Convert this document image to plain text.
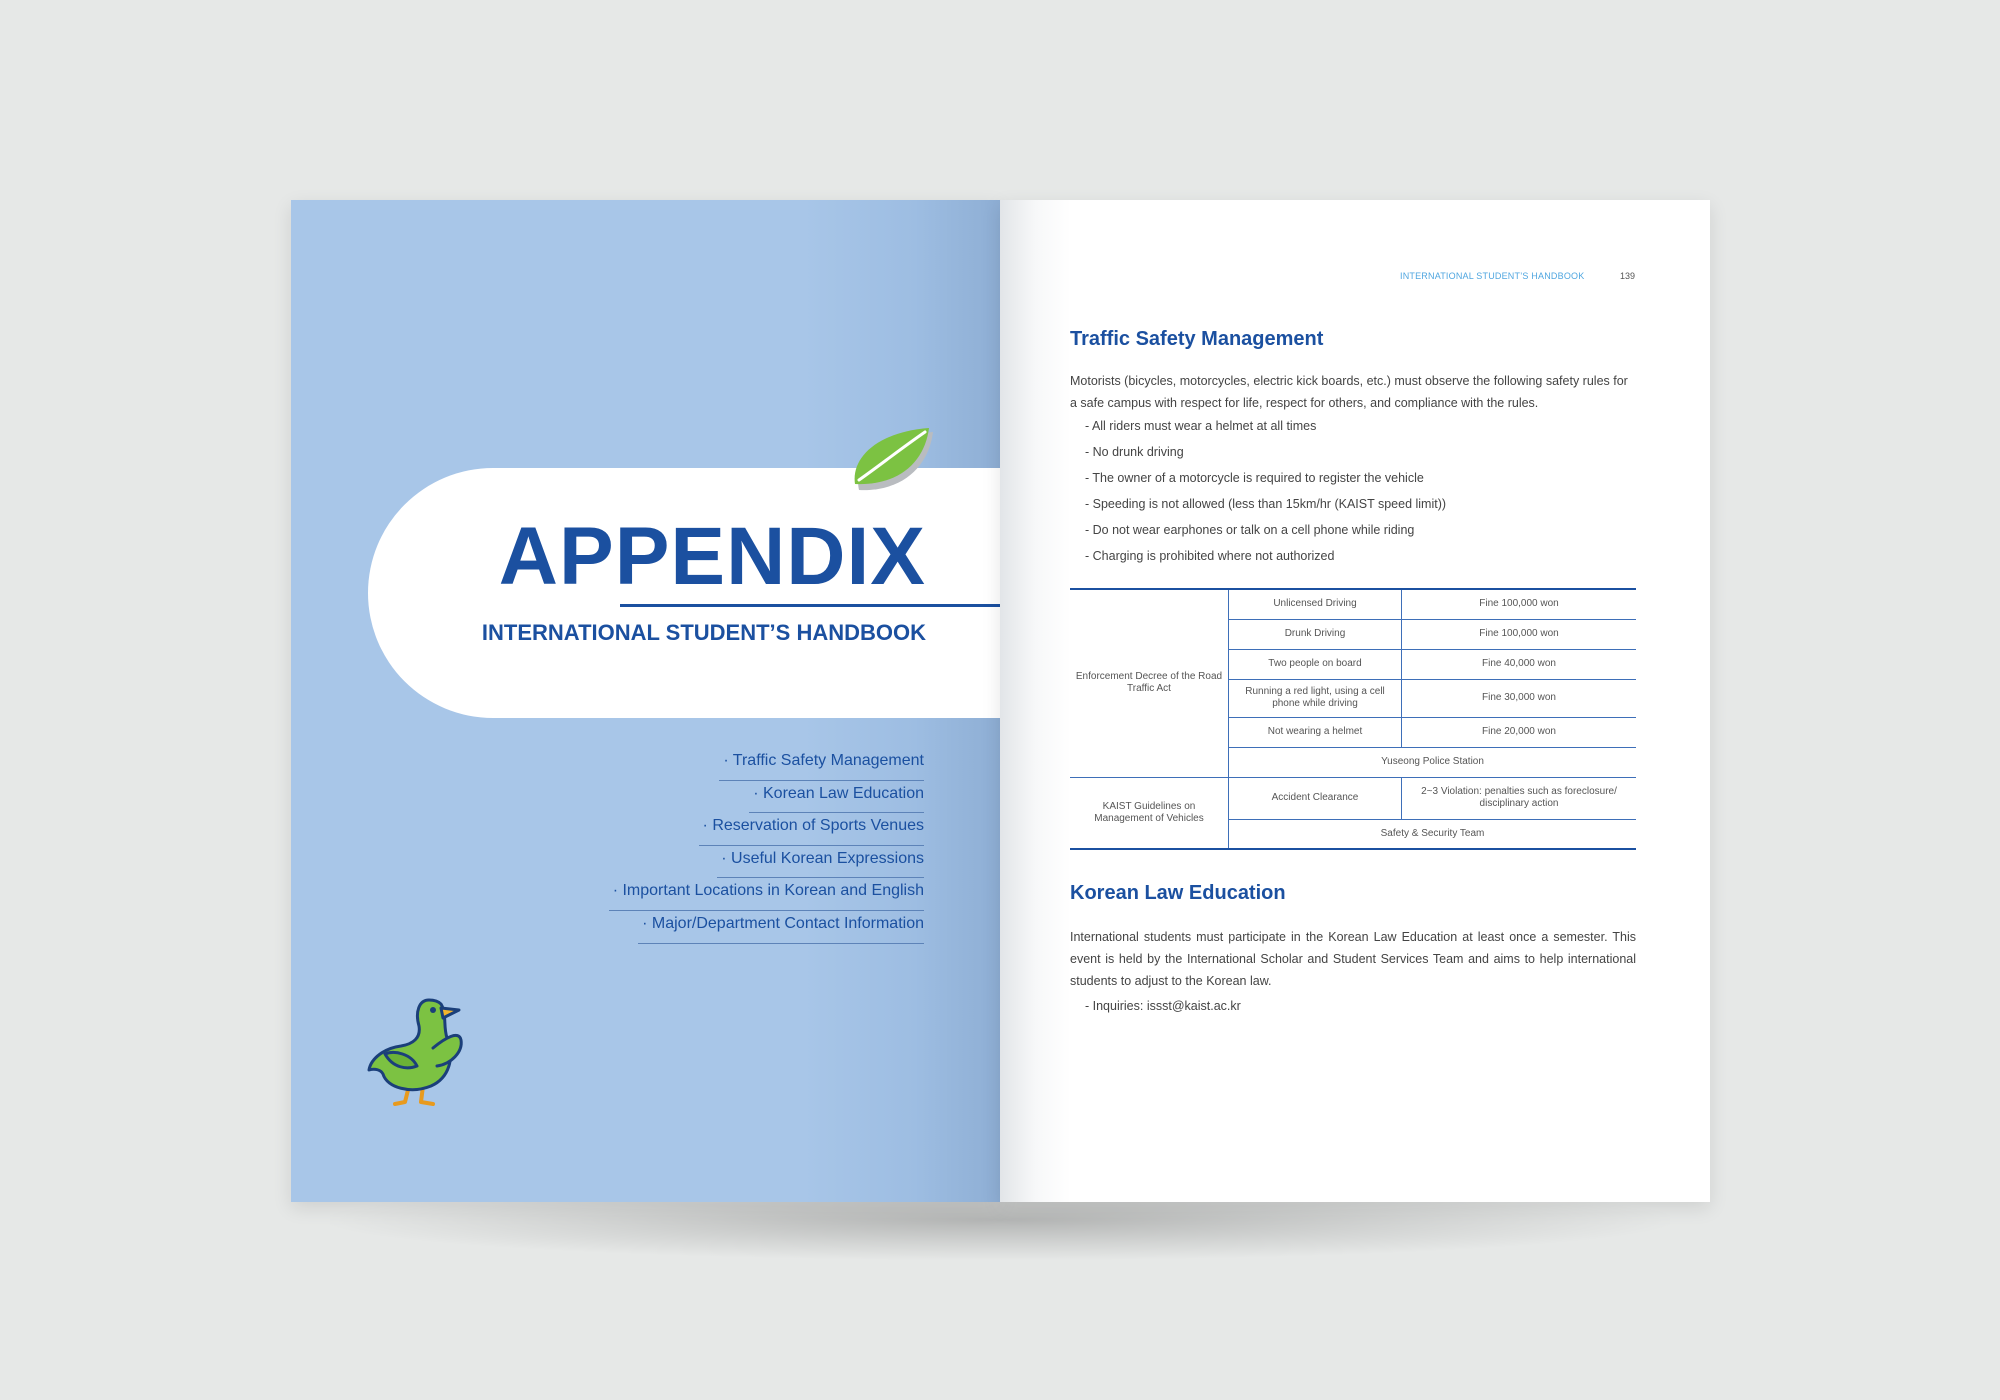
APPENDIX
INTERNATIONAL STUDENT’S HANDBOOK
· Traffic Safety Management
· Korean Law Education
· Reservation of Sports Venues
· Useful Korean Expressions
· Important Locations in Korean and English
· Major/Department Contact Information
INTERNATIONAL STUDENT’S HANDBOOK	139
Traffic Safety Management

Motorists (bicycles, motorcycles, electric kick boards, etc.) must observe the following safety rules for a safe campus with respect for life, respect for others, and compliance with the rules.

- All riders must wear a helmet at all times
- No drunk driving
- The owner of a motorcycle is required to register the vehicle
- Speeding is not allowed (less than 15km/hr (KAIST speed limit))
- Do not wear earphones or talk on a cell phone while riding
- Charging is prohibited where not authorized
Enforcement Decree of the Road Traffic Act	Unlicensed Driving	Fine 100,000 won
	Drunk Driving	Fine 100,000 won
	Two people on board	Fine 40,000 won
	Running a red light, using a cell phone while driving	Fine 30,000 won
	Not wearing a helmet	Fine 20,000 won
	Yuseong Police Station	
KAIST Guidelines on Management of Vehicles	Accident Clearance	2~3 Violation: penalties such as foreclosure/ disciplinary action
	Safety & Security Team	
Korean Law Education

International students must participate in the Korean Law Education at least once a semester. This event is held by the International Scholar and Student Services Team and aims to help international students to adjust to the Korean law.

- Inquiries: issst@kaist.ac.kr
